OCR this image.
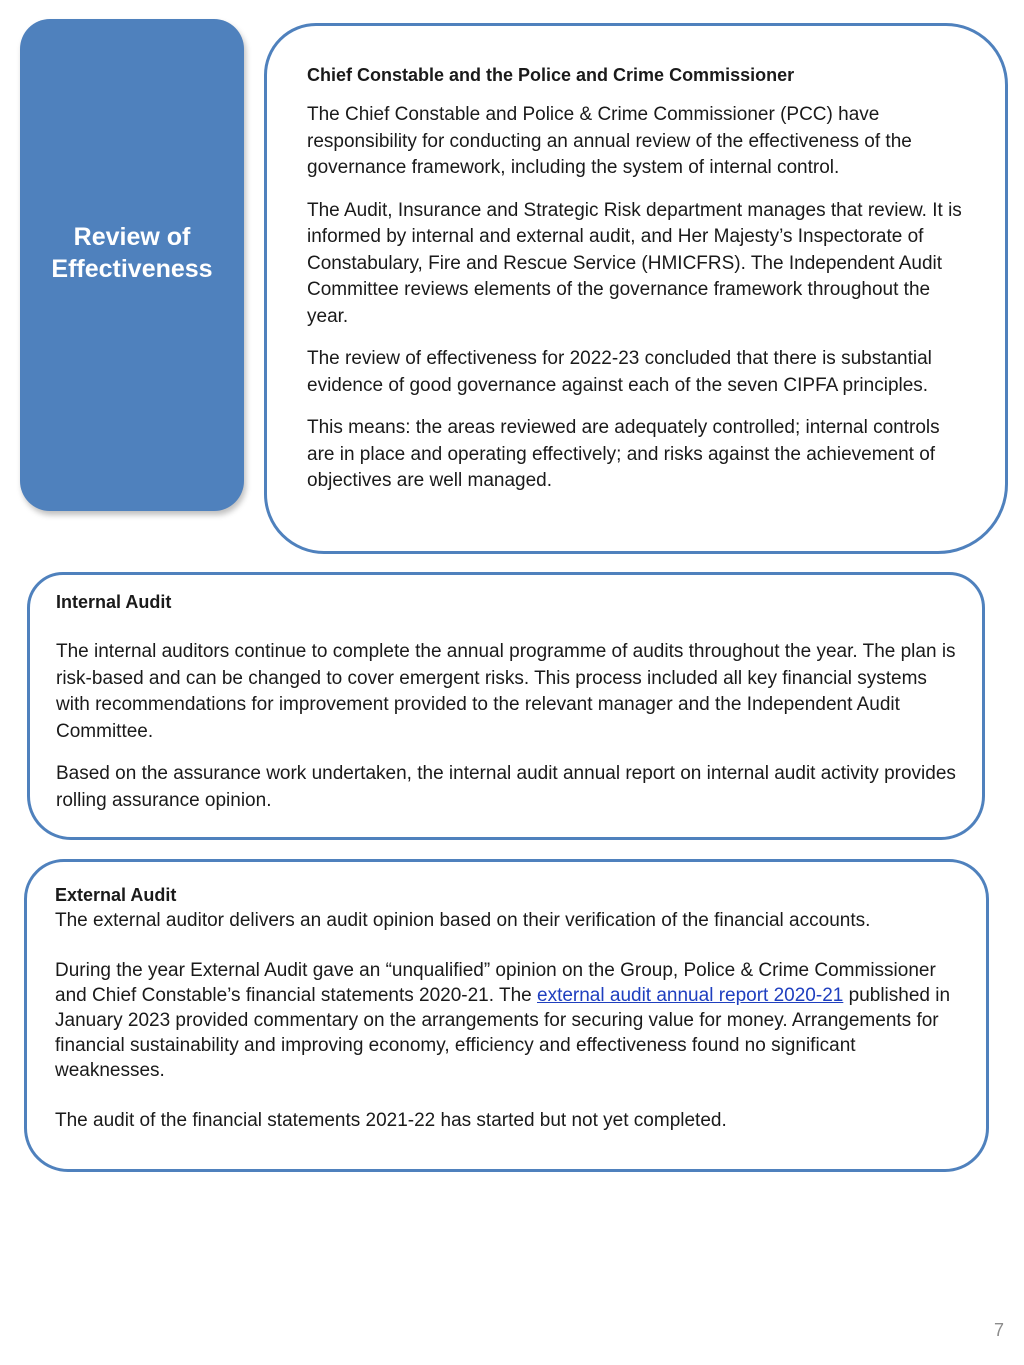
Review of
Effectiveness

Chief Constable and the Police and Crime Commissioner

The Chief Constable and Police & Crime Commissioner (PCC) have responsibility for conducting an annual review of the effectiveness of the governance framework, including the system of internal control.

The Audit, Insurance and Strategic Risk department manages that review. It is informed by internal and external audit, and Her Majesty’s Inspectorate of Constabulary, Fire and Rescue Service (HMICFRS). The Independent Audit Committee reviews elements of the governance framework throughout the year.

The review of effectiveness for 2022-23 concluded that there is substantial evidence of good governance against each of the seven CIPFA principles.

This means: the areas reviewed are adequately controlled; internal controls are in place and operating effectively; and risks against the achievement of objectives are well managed.

Internal Audit

The internal auditors continue to complete the annual programme of audits throughout the year. The plan is risk-based and can be changed to cover emergent risks. This process included all key financial systems with recommendations for improvement provided to the relevant manager and the Independent Audit Committee.

Based on the assurance work undertaken, the internal audit annual report on internal audit activity provides rolling assurance opinion.

External Audit

The external auditor delivers an audit opinion based on their verification of the financial accounts.

During the year External Audit gave an “unqualified” opinion on the Group, Police & Crime Commissioner and Chief Constable’s financial statements 2020-21. The external audit annual report 2020-21 published in January 2023 provided commentary on the arrangements for securing value for money. Arrangements for financial sustainability and improving economy, efficiency and effectiveness found no significant weaknesses.

The audit of the financial statements 2021-22 has started but not yet completed.

7
